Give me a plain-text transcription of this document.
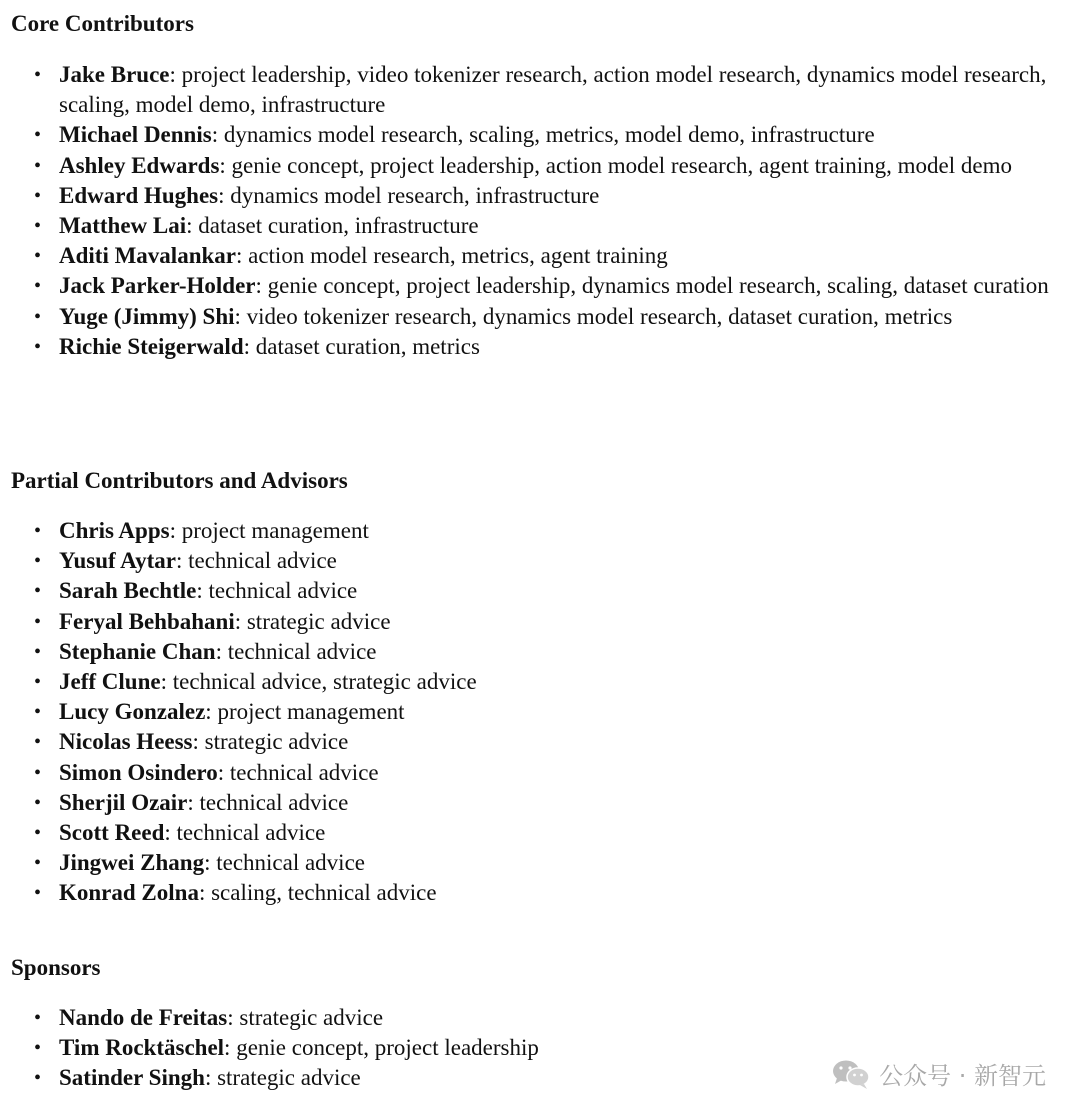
Core Contributors
• Jake Bruce: project leadership, video tokenizer research, action model research, dynamics model research, scaling, model demo, infrastructure
• Michael Dennis: dynamics model research, scaling, metrics, model demo, infrastructure
• Ashley Edwards: genie concept, project leadership, action model research, agent training, model demo
• Edward Hughes: dynamics model research, infrastructure
• Matthew Lai: dataset curation, infrastructure
• Aditi Mavalankar: action model research, metrics, agent training
• Jack Parker-Holder: genie concept, project leadership, dynamics model research, scaling, dataset curation
• Yuge (Jimmy) Shi: video tokenizer research, dynamics model research, dataset curation, metrics
• Richie Steigerwald: dataset curation, metrics
Partial Contributors and Advisors
• Chris Apps: project management
• Yusuf Aytar: technical advice
• Sarah Bechtle: technical advice
• Feryal Behbahani: strategic advice
• Stephanie Chan: technical advice
• Jeff Clune: technical advice, strategic advice
• Lucy Gonzalez: project management
• Nicolas Heess: strategic advice
• Simon Osindero: technical advice
• Sherjil Ozair: technical advice
• Scott Reed: technical advice
• Jingwei Zhang: technical advice
• Konrad Zolna: scaling, technical advice
Sponsors
• Nando de Freitas: strategic advice
• Tim Rocktäschel: genie concept, project leadership
• Satinder Singh: strategic advice	公众号 · 新智元
